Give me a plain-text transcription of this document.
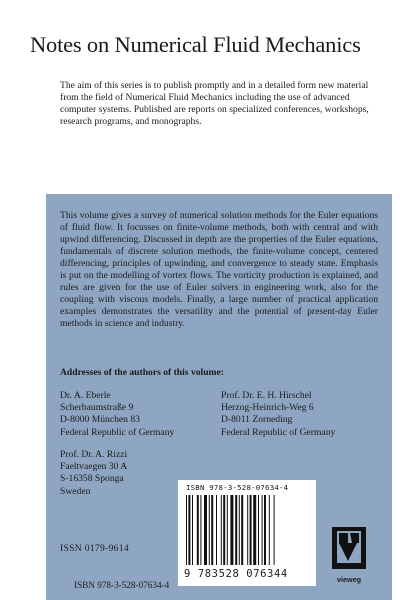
Notes on Numerical Fluid Mechanics
The aim of this series is to publish promptly and in a detailed form new material from the field of Numerical Fluid Mechanics including the use of advanced computer systems. Published are reports on specialized conferences, workshops, research programs, and monographs.
This volume gives a survey of numerical solution methods for the Euler equations of fluid flow. It focusses on finite-volume methods, both with central and with upwind differencing. Discussed in depth are the properties of the Euler equations, fundamentals of discrete solution methods, the finite-volume concept, centered differencing, principles of upwinding, and convergence to steady state. Emphasis is put on the modelling of vortex flows. The vorticity production is explained, and rules are given for the use of Euler solvers in engineering work, also for the coupling with viscous models. Finally, a large number of practical application examples demonstrates the versatility and the potential of present-day Euler methods in science and industry.
Addresses of the authors of this volume:
Dr. A. Eberle
Scherbaumstraße 9
D-8000 München 83
Federal Republic of Germany
Prof. Dr. E. H. Hirschel
Herzog-Heinrich-Weg 6
D-8011 Zorneding
Federal Republic of Germany
Prof. Dr. A. Rizzi
Faeltvaegen 30 A
S-16358 Sponga
Sweden
ISSN 0179-9614
ISBN 978-3-528-07634-4
ISBN 978-3-528-07634-4
9 783528 076344	vieweg
